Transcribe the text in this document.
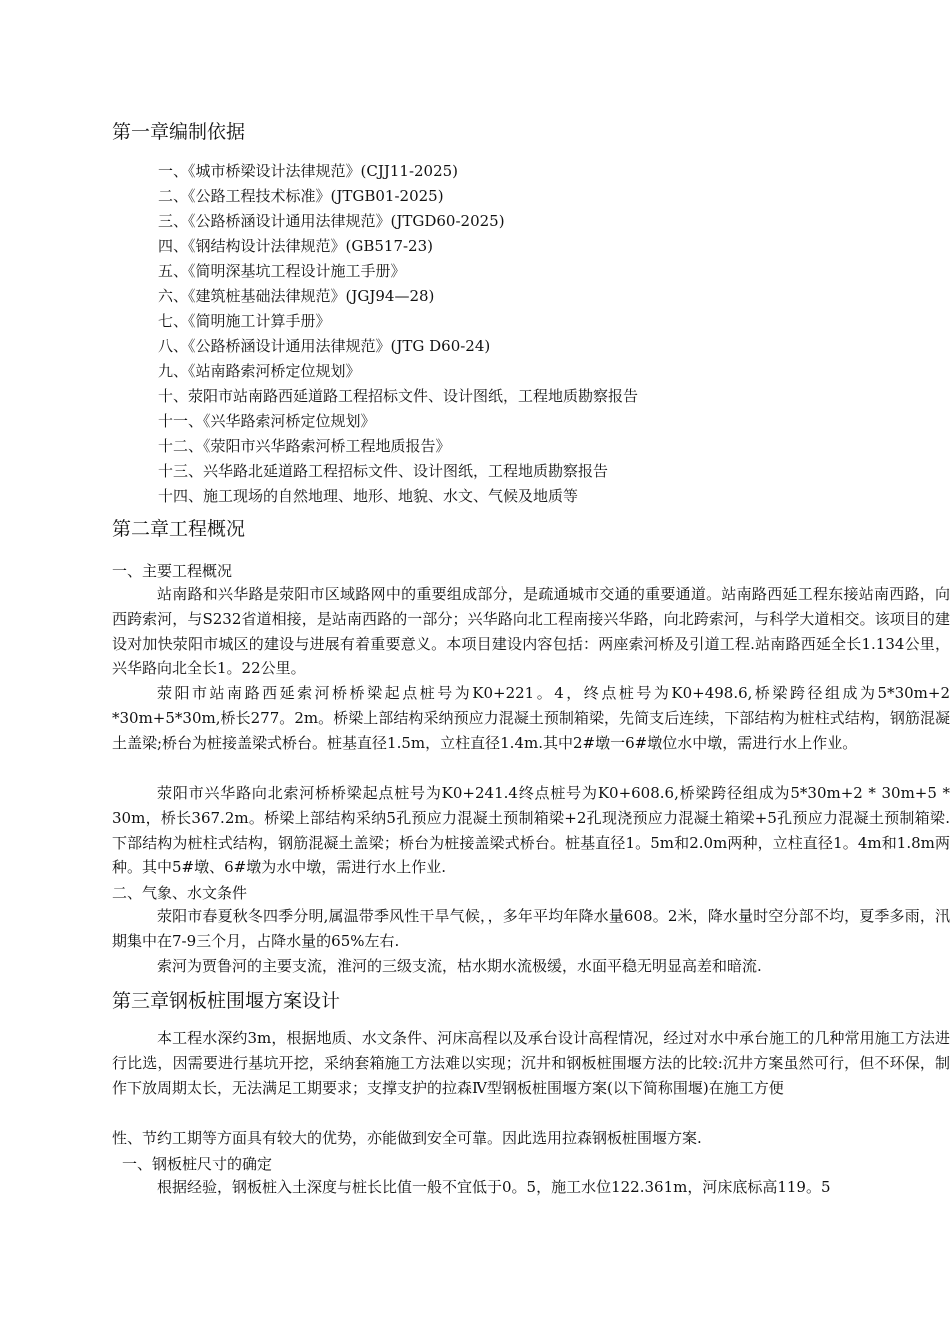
第一章编制依据
一、《城市桥梁设计法律规范》(CJJ11-2025)
二、《公路工程技术标准》(JTGB01-2025)
三、《公路桥涵设计通用法律规范》(JTGD60-2025)
四、《钢结构设计法律规范》(GB517-23)
五、《简明深基坑工程设计施工手册》
六、《建筑桩基础法律规范》(JGJ94—28)
七、《简明施工计算手册》
八、《公路桥涵设计通用法律规范》(JTG D60-24)
九、《站南路索河桥定位规划》
十、荥阳市站南路西延道路工程招标文件、设计图纸，工程地质勘察报告
十一、《兴华路索河桥定位规划》
十二、《荥阳市兴华路索河桥工程地质报告》
十三、兴华路北延道路工程招标文件、设计图纸，工程地质勘察报告
十四、施工现场的自然地理、地形、地貌、水文、气候及地质等
第二章工程概况
一、主要工程概况

站南路和兴华路是荥阳市区域路网中的重要组成部分，是疏通城市交通的重要通道。站南路西延工程东接站南西路，向西跨索河，与S232省道相接，是站南西路的一部分；兴华路向北工程南接兴华路，向北跨索河，与科学大道相交。该项目的建设对加快荥阳市城区的建设与进展有着重要意义。本项目建设内容包括：两座索河桥及引道工程.站南路西延全长1.134公里，兴华路向北全长1。22公里。

荥阳市站南路西延索河桥桥梁起点桩号为K0+221。4，终点桩号为K0+498.6,桥梁跨径组成为5*30m+2 *30m+5*30m,桥长277。2m。桥梁上部结构采纳预应力混凝土预制箱梁，先简支后连续，下部结构为桩柱式结构，钢筋混凝土盖梁;桥台为桩接盖梁式桥台。桩基直径1.5m，立柱直径1.4m.其中2#墩一6#墩位水中墩，需进行水上作业。

荥阳市兴华路向北索河桥桥梁起点桩号为K0+241.4终点桩号为K0+608.6,桥梁跨径组成为5*30m+2 * 30m+5 * 30m，桥长367.2m。桥梁上部结构采纳5孔预应力混凝土预制箱梁+2孔现浇预应力混凝土箱梁+5孔预应力混凝土预制箱梁.下部结构为桩柱式结构，钢筋混凝土盖梁；桥台为桩接盖梁式桥台。桩基直径1。5m和2.0m两种，立柱直径1。4m和1.8m两种。其中5#墩、6#墩为水中墩，需进行水上作业.

二、气象、水文条件

荥阳市春夏秋冬四季分明,属温带季风性干旱气候，，多年平均年降水量608。2米，降水量时空分部不均，夏季多雨，汛期集中在7-9三个月，占降水量的65%左右.

索河为贾鲁河的主要支流，淮河的三级支流，枯水期水流极缓，水面平稳无明显高差和暗流.

第三章钢板桩围堰方案设计

本工程水深约3m，根据地质、水文条件、河床高程以及承台设计高程情况，经过对水中承台施工的几种常用施工方法进行比选，因需要进行基坑开挖，采纳套箱施工方法难以实现；沉井和钢板桩围堰方法的比较:沉井方案虽然可行，但不环保，制作下放周期太长，无法满足工期要求；支撑支护的拉森Ⅳ型钢板桩围堰方案(以下简称围堰)在施工方便

性、节约工期等方面具有较大的优势，亦能做到安全可靠。因此选用拉森钢板桩围堰方案.

一、钢板桩尺寸的确定

根据经验，钢板桩入土深度与桩长比值一般不宜低于0。5，施工水位122.361m，河床底标高119。5
